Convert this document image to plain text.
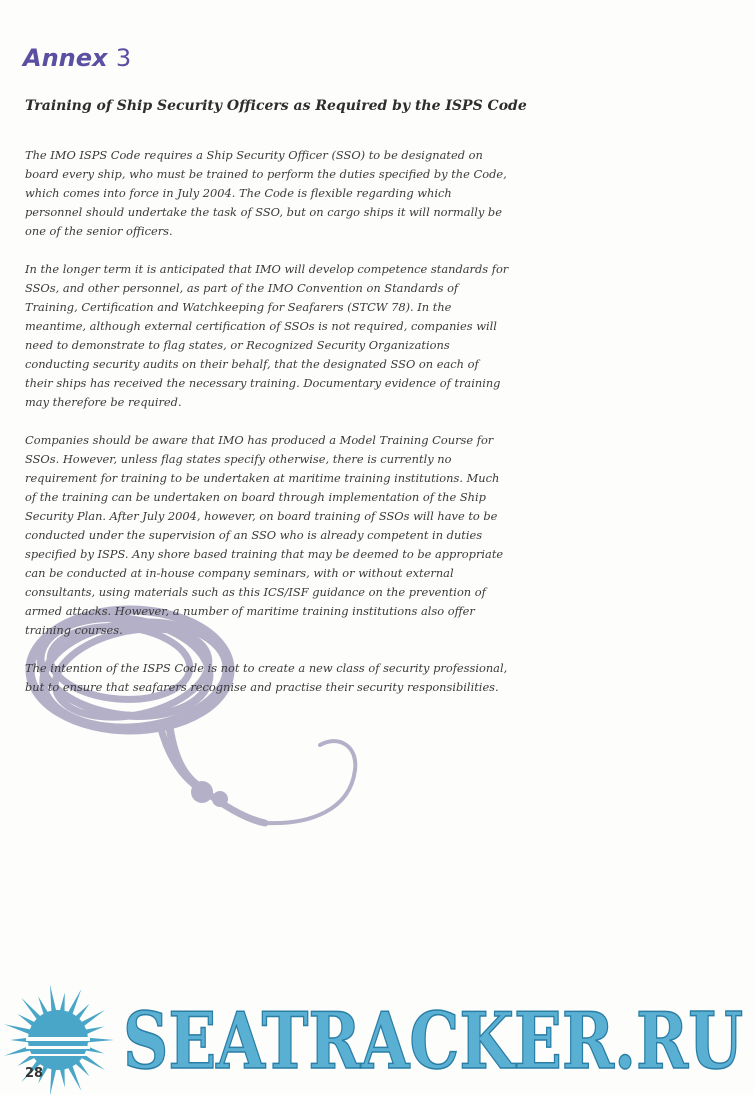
Annex 3
Training of Ship Security Officers as Required by the ISPS Code

The IMO ISPS Code requires a Ship Security Officer (SSO) to be designated on board every ship, who must be trained to perform the duties specified by the Code, which comes into force in July 2004. The Code is flexible regarding which personnel should undertake the task of SSO, but on cargo ships it will normally be one of the senior officers.

In the longer term it is anticipated that IMO will develop competence standards for SSOs, and other personnel, as part of the IMO Convention on Standards of Training, Certification and Watchkeeping for Seafarers (STCW 78). In the meantime, although external certification of SSOs is not required, companies will need to demonstrate to flag states, or Recognized Security Organizations conducting security audits on their behalf, that the designated SSO on each of their ships has received the necessary training. Documentary evidence of training may therefore be required.

Companies should be aware that IMO has produced a Model Training Course for SSOs. However, unless flag states specify otherwise, there is currently no requirement for training to be undertaken at maritime training institutions. Much of the training can be undertaken on board through implementation of the Ship Security Plan. After July 2004, however, on board training of SSOs will have to be conducted under the supervision of an SSO who is already competent in duties specified by ISPS. Any shore based training that may be deemed to be appropriate can be conducted at in-house company seminars, with or without external consultants, using materials such as this ICS/ISF guidance on the prevention of armed attacks. However, a number of maritime training institutions also offer training courses.

The intention of the ISPS Code is not to create a new class of security professional, but to ensure that seafarers recognise and practise their security responsibilities.

28 SEATRACKER.RU
